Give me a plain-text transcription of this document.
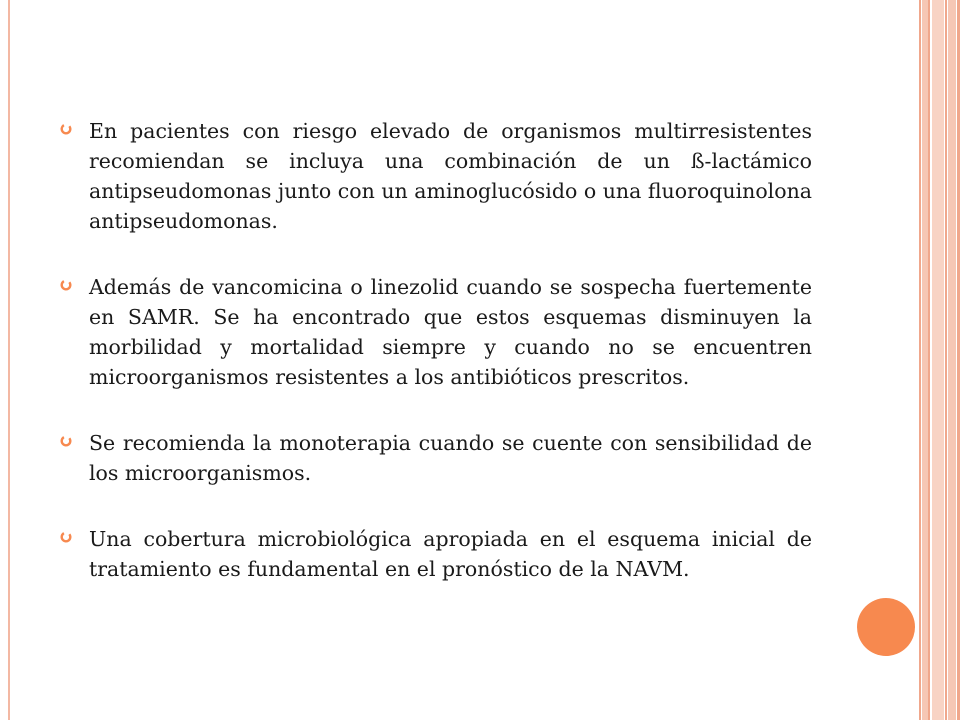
En pacientes con riesgo elevado de organismos multirresistentes recomiendan se incluya una combinación de un ß-lactámico antipseudomonas junto con un aminoglucósido o una fluoroquinolona antipseudomonas.

Además de vancomicina o linezolid cuando se sospecha fuertemente en SAMR. Se ha encontrado que estos esquemas disminuyen la morbilidad y mortalidad siempre y cuando no se encuentren microorganismos resistentes a los antibióticos prescritos.

Se recomienda la monoterapia cuando se cuente con sensibilidad de los microorganismos.

Una cobertura microbiológica apropiada en el esquema inicial de tratamiento es fundamental en el pronóstico de la NAVM.
